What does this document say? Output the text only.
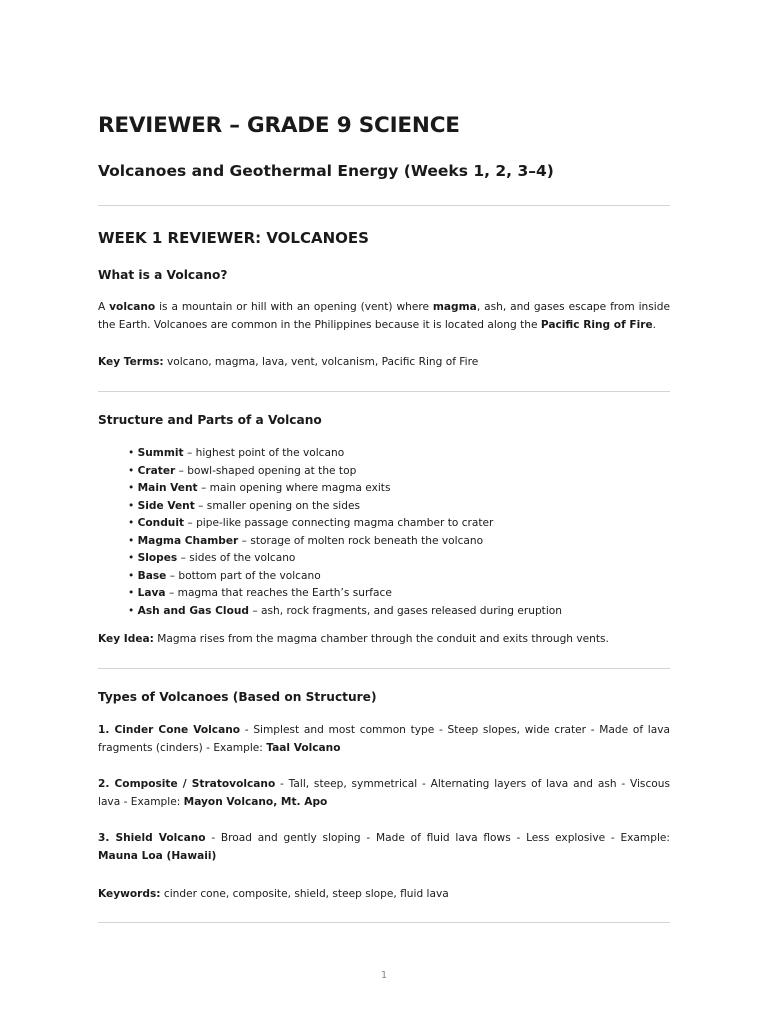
REVIEWER – GRADE 9 SCIENCE
Volcanoes and Geothermal Energy (Weeks 1, 2, 3–4)
WEEK 1 REVIEWER: VOLCANOES
What is a Volcano?

A volcano is a mountain or hill with an opening (vent) where magma, ash, and gases escape from inside the Earth. Volcanoes are common in the Philippines because it is located along the Pacific Ring of Fire.

Key Terms: volcano, magma, lava, vent, volcanism, Pacific Ring of Fire

Structure and Parts of a Volcano
• Summit – highest point of the volcano
• Crater – bowl-shaped opening at the top
• Main Vent – main opening where magma exits
• Side Vent – smaller opening on the sides
• Conduit – pipe-like passage connecting magma chamber to crater
• Magma Chamber – storage of molten rock beneath the volcano
• Slopes – sides of the volcano
• Base – bottom part of the volcano
• Lava – magma that reaches the Earth’s surface
• Ash and Gas Cloud – ash, rock fragments, and gases released during eruption

Key Idea: Magma rises from the magma chamber through the conduit and exits through vents.

Types of Volcanoes (Based on Structure)

1. Cinder Cone Volcano - Simplest and most common type - Steep slopes, wide crater - Made of lava fragments (cinders) - Example: Taal Volcano

2. Composite / Stratovolcano - Tall, steep, symmetrical - Alternating layers of lava and ash - Viscous lava - Example: Mayon Volcano, Mt. Apo

3. Shield Volcano - Broad and gently sloping - Made of fluid lava flows - Less explosive - Example: Mauna Loa (Hawaii)

Keywords: cinder cone, composite, shield, steep slope, fluid lava

1
